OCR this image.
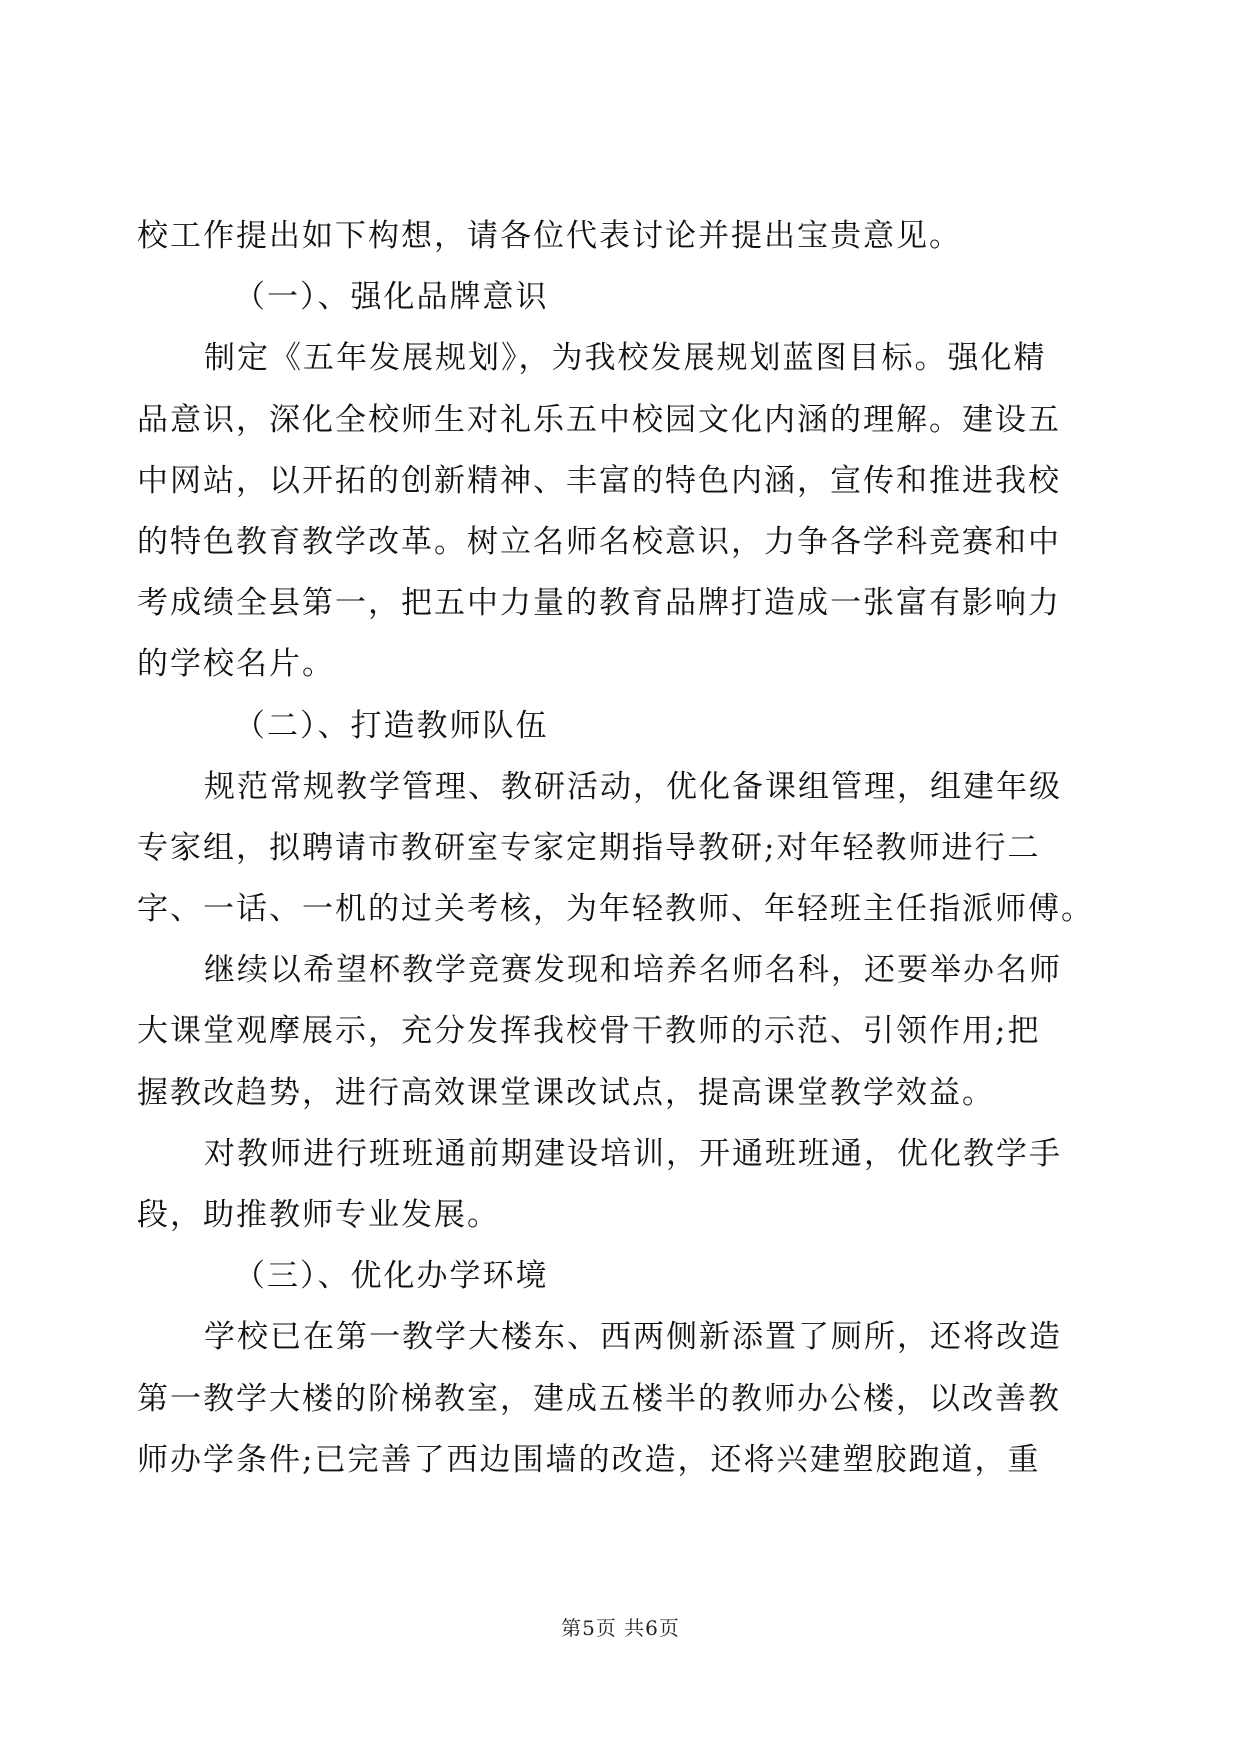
校工作提出如下构想，请各位代表讨论并提出宝贵意见。

（一）、强化品牌意识

制定《五年发展规划》，为我校发展规划蓝图目标。强化精

品意识，深化全校师生对礼乐五中校园文化内涵的理解。建设五

中网站，以开拓的创新精神、丰富的特色内涵，宣传和推进我校

的特色教育教学改革。树立名师名校意识，力争各学科竞赛和中

考成绩全县第一，把五中力量的教育品牌打造成一张富有影响力

的学校名片。

（二）、打造教师队伍

规范常规教学管理、教研活动，优化备课组管理，组建年级

专家组，拟聘请市教研室专家定期指导教研;对年轻教师进行二

字、一话、一机的过关考核，为年轻教师、年轻班主任指派师傅。

继续以希望杯教学竞赛发现和培养名师名科，还要举办名师

大课堂观摩展示，充分发挥我校骨干教师的示范、引领作用;把

握教改趋势，进行高效课堂课改试点，提高课堂教学效益。

对教师进行班班通前期建设培训，开通班班通，优化教学手

段，助推教师专业发展。

（三）、优化办学环境

学校已在第一教学大楼东、西两侧新添置了厕所，还将改造

第一教学大楼的阶梯教室，建成五楼半的教师办公楼，以改善教

师办学条件;已完善了西边围墙的改造，还将兴建塑胶跑道，重

第5页 共6页
